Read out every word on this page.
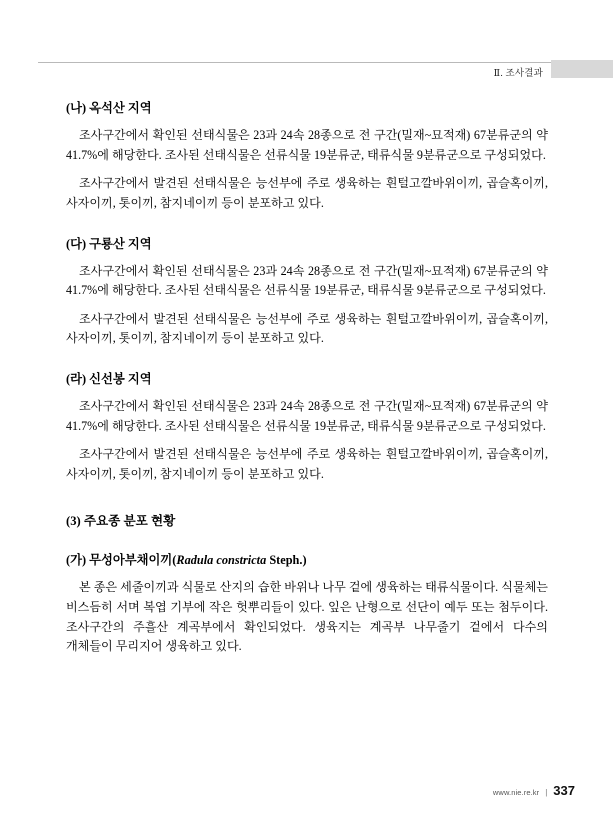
Ⅱ. 조사결과
(나) 옥석산 지역

조사구간에서 확인된 선태식물은 23과 24속 28종으로 전 구간(밀재~묘적재) 67분류군의 약 41.7%에 해당한다. 조사된 선태식물은 선류식물 19분류군, 태류식물 9분류군으로 구성되었다.

조사구간에서 발견된 선태식물은 능선부에 주로 생육하는 흰털고깔바위이끼, 곱슬혹이끼, 사자이끼, 톳이끼, 참지네이끼 등이 분포하고 있다.

(다) 구룡산 지역

조사구간에서 확인된 선태식물은 23과 24속 28종으로 전 구간(밀재~묘적재) 67분류군의 약 41.7%에 해당한다. 조사된 선태식물은 선류식물 19분류군, 태류식물 9분류군으로 구성되었다.

조사구간에서 발견된 선태식물은 능선부에 주로 생육하는 흰털고깔바위이끼, 곱슬혹이끼, 사자이끼, 톳이끼, 참지네이끼 등이 분포하고 있다.

(라) 신선봉 지역

조사구간에서 확인된 선태식물은 23과 24속 28종으로 전 구간(밀재~묘적재) 67분류군의 약 41.7%에 해당한다. 조사된 선태식물은 선류식물 19분류군, 태류식물 9분류군으로 구성되었다.

조사구간에서 발견된 선태식물은 능선부에 주로 생육하는 흰털고깔바위이끼, 곱슬혹이끼, 사자이끼, 톳이끼, 참지네이끼 등이 분포하고 있다.

(3) 주요종 분포 현황
(가) 무성아부채이끼(Radula constricta Steph.)

본 종은 세줄이끼과 식물로 산지의 습한 바위나 나무 겉에 생육하는 태류식물이다. 식물체는 비스듬히 서며 복엽 기부에 작은 헛뿌리들이 있다. 잎은 난형으로 선단이 예두 또는 첨두이다. 조사구간의 주흘산 계곡부에서 확인되었다. 생육지는 계곡부 나무줄기 겉에서 다수의 개체들이 무리지어 생육하고 있다.

www.nie.re.kr | 337
